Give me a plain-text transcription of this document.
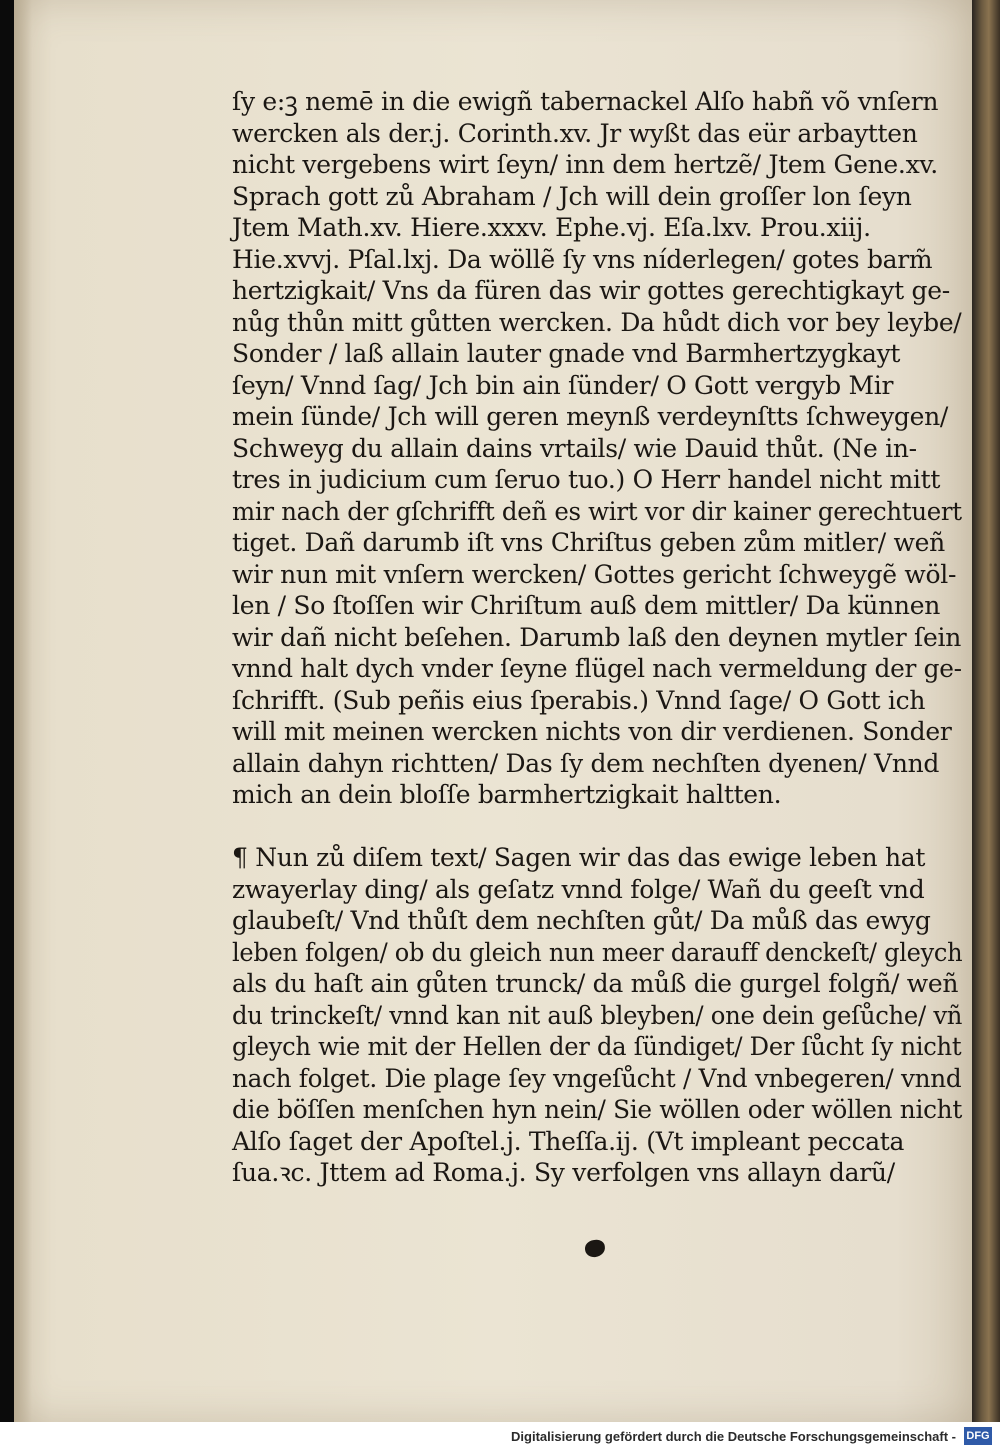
ſy e:ꝫ nemē in die ewigñ tabernackel Alſo habñ võ vnſern
wercken als der.j. Corinth.xv. Jr wyßt das eür arbaytten
nicht vergebens wirt ſeyn/ inn dem hertzẽ/ Jtem Gene.xv.
Sprach gott zů Abraham / Jch will dein groſſer lon ſeyn
Jtem Math.xv. Hiere.xxxv. Ephe.vj. Eſa.lxv. Prou.xiij.
Hie.xvvj. Pſal.lxj. Da wöllẽ ſy vns nı́derlegen/ gotes barm̃
hertzigkait/ Vns da füren das wir gottes gerechtigkayt ge‑
nůg thůn mitt gůtten wercken. Da hůdt dich vor bey leybe/
Sonder / laß allain lauter gnade vnd Barmhertzygkayt
ſeyn/ Vnnd ſag/ Jch bin ain ſünder/ O Gott vergyb Mir
mein ſünde/ Jch will geren meynß verdeynſtts ſchweygen/
Schweyg du allain dains vrtails/ wie Dauid thůt. (Ne in‑
tres in judicium cum ſeruo tuo.) O Herr handel nicht mitt
mir nach der gſchrifft deñ es wirt vor dir kainer gerechtuert
tiget. Dañ darumb iſt vns Chriſtus geben zům mitler/ weñ
wir nun mit vnſern wercken/ Gottes gericht ſchweygẽ wöl‑
len / So ſtoſſen wir Chriſtum auß dem mittler/ Da künnen
wir dañ nicht beſehen. Darumb laß den deynen mytler ſein
vnnd halt dych vnder ſeyne flügel nach vermeldung der ge‑
ſchrifft. (Sub peñis eius ſperabis.) Vnnd ſage/ O Gott ich
will mit meinen wercken nichts von dir verdienen. Sonder
allain dahyn richtten/ Das ſy dem nechſten dyenen/ Vnnd
mich an dein bloſſe barmhertzigkait haltten.
¶ Nun zů diſem text/ Sagen wir das das ewige leben hat
zwayerlay ding/ als geſatz vnnd folge/ Wañ du geeſt vnd
glaubeſt/ Vnd thůſt dem nechſten gůt/ Da můß das ewyg
leben folgen/ ob du gleich nun meer darauff denckeſt/ gleych
als du haſt ain gůten trunck/ da můß die gurgel folgñ/ weñ
du trinckeſt/ vnnd kan nit auß bleyben/ one dein geſůche/ vñ
gleych wie mit der Hellen der da ſündiget/ Der ſůcht ſy nicht
nach folget. Die plage ſey vngeſůcht / Vnd vnbegeren/ vnnd
die böſſen menſchen hyn nein/ Sie wöllen oder wöllen nicht
Alſo ſaget der Apoſtel.j. Theſſa.ij. (Vt impleant peccata
ſua.ꝛc. Jttem ad Roma.j. Sy verfolgen vns allayn darũ/
Digitalisierung gefördert durch die Deutsche Forschungsgemeinschaft - DFG
